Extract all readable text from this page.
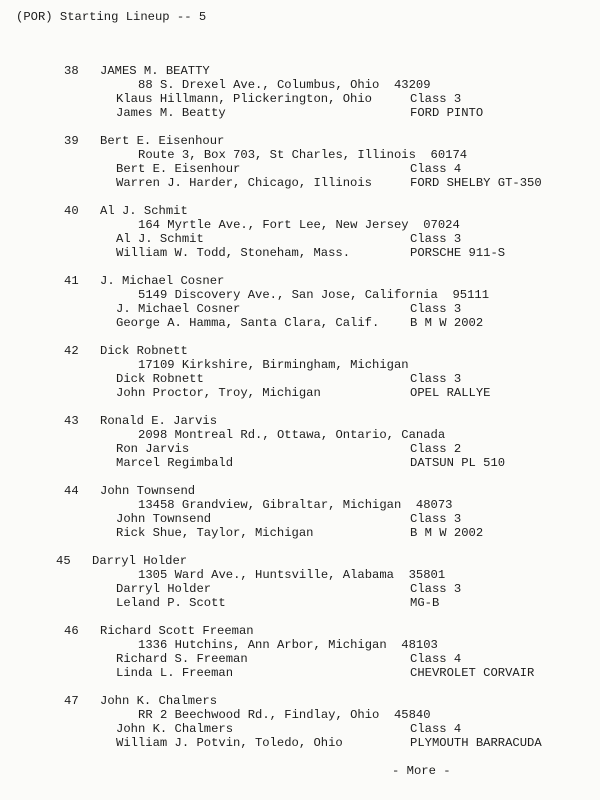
(POR) Starting Lineup -- 5
38 JAMES M. BEATTY
88 S. Drexel Ave., Columbus, Ohio  43209
Klaus Hillmann, Plickerington, Ohio	Class 3
James M. Beatty	FORD PINTO
39 Bert E. Eisenhour
Route 3, Box 703, St Charles, Illinois  60174
Bert E. Eisenhour	Class 4
Warren J. Harder, Chicago, Illinois	FORD SHELBY GT-350
40 Al J. Schmit
164 Myrtle Ave., Fort Lee, New Jersey  07024
Al J. Schmit	Class 3
William W. Todd, Stoneham, Mass.	PORSCHE 911-S
41 J. Michael Cosner
5149 Discovery Ave., San Jose, California  95111
J. Michael Cosner	Class 3
George A. Hamma, Santa Clara, Calif.	B M W 2002
42 Dick Robnett
17109 Kirkshire, Birmingham, Michigan
Dick Robnett	Class 3
John Proctor, Troy, Michigan	OPEL RALLYE
43 Ronald E. Jarvis
2098 Montreal Rd., Ottawa, Ontario, Canada
Ron Jarvis	Class 2
Marcel Regimbald	DATSUN PL 510
44 John Townsend
13458 Grandview, Gibraltar, Michigan  48073
John Townsend	Class 3
Rick Shue, Taylor, Michigan	B M W 2002
45 Darryl Holder
1305 Ward Ave., Huntsville, Alabama  35801
Darryl Holder	Class 3
Leland P. Scott	MG-B
46 Richard Scott Freeman
1336 Hutchins, Ann Arbor, Michigan  48103
Richard S. Freeman	Class 4
Linda L. Freeman	CHEVROLET CORVAIR
47 John K. Chalmers
RR 2 Beechwood Rd., Findlay, Ohio  45840
John K. Chalmers	Class 4
William J. Potvin, Toledo, Ohio	PLYMOUTH BARRACUDA
- More -
